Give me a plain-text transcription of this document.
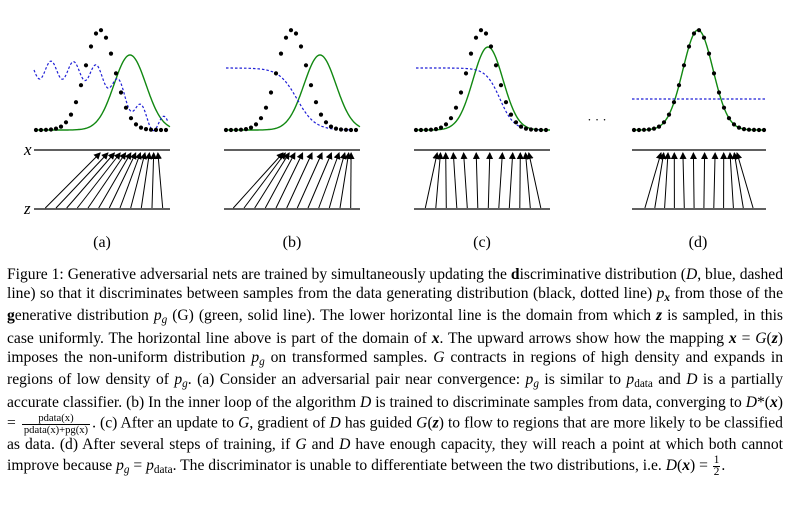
x
z
(a)	(b)	(c)	(d)
· · ·

Figure 1: Generative adversarial nets are trained by simultaneously updating the discriminative distribution (D, blue, dashed line) so that it discriminates between samples from the data generating distribution (black, dotted line) $p_x$ from those of the generative distribution $p_g$ (G) (green, solid line). The lower horizontal line is the domain from which z is sampled, in this case uniformly. The horizontal line above is part of the domain of x. The upward arrows show how the mapping x = G(z) imposes the non-uniform distribution $p_g$ on transformed samples. G contracts in regions of high density and expands in regions of low density of $p_g$. (a) Consider an adversarial pair near convergence: $p_g$ is similar to $p_{data}$ and D is a partially accurate classifier. (b) In the inner loop of the algorithm D is trained to discriminate samples from data, converging to $D*(x) = \frac{\text{pdata(x)}}{\text{pdata(x)+pg(x)}}$ . (c) After an update to G, gradient of D has guided G(z) to flow to regions that are more likely to be classified as data. (d) After several steps of training, if G and D have enough capacity, they will reach a point at which both cannot improve because $p_g = p_{data}$. The discriminator is unable to differentiate between the two distributions, i.e. $D(x) = \frac{1}{2}$ .
